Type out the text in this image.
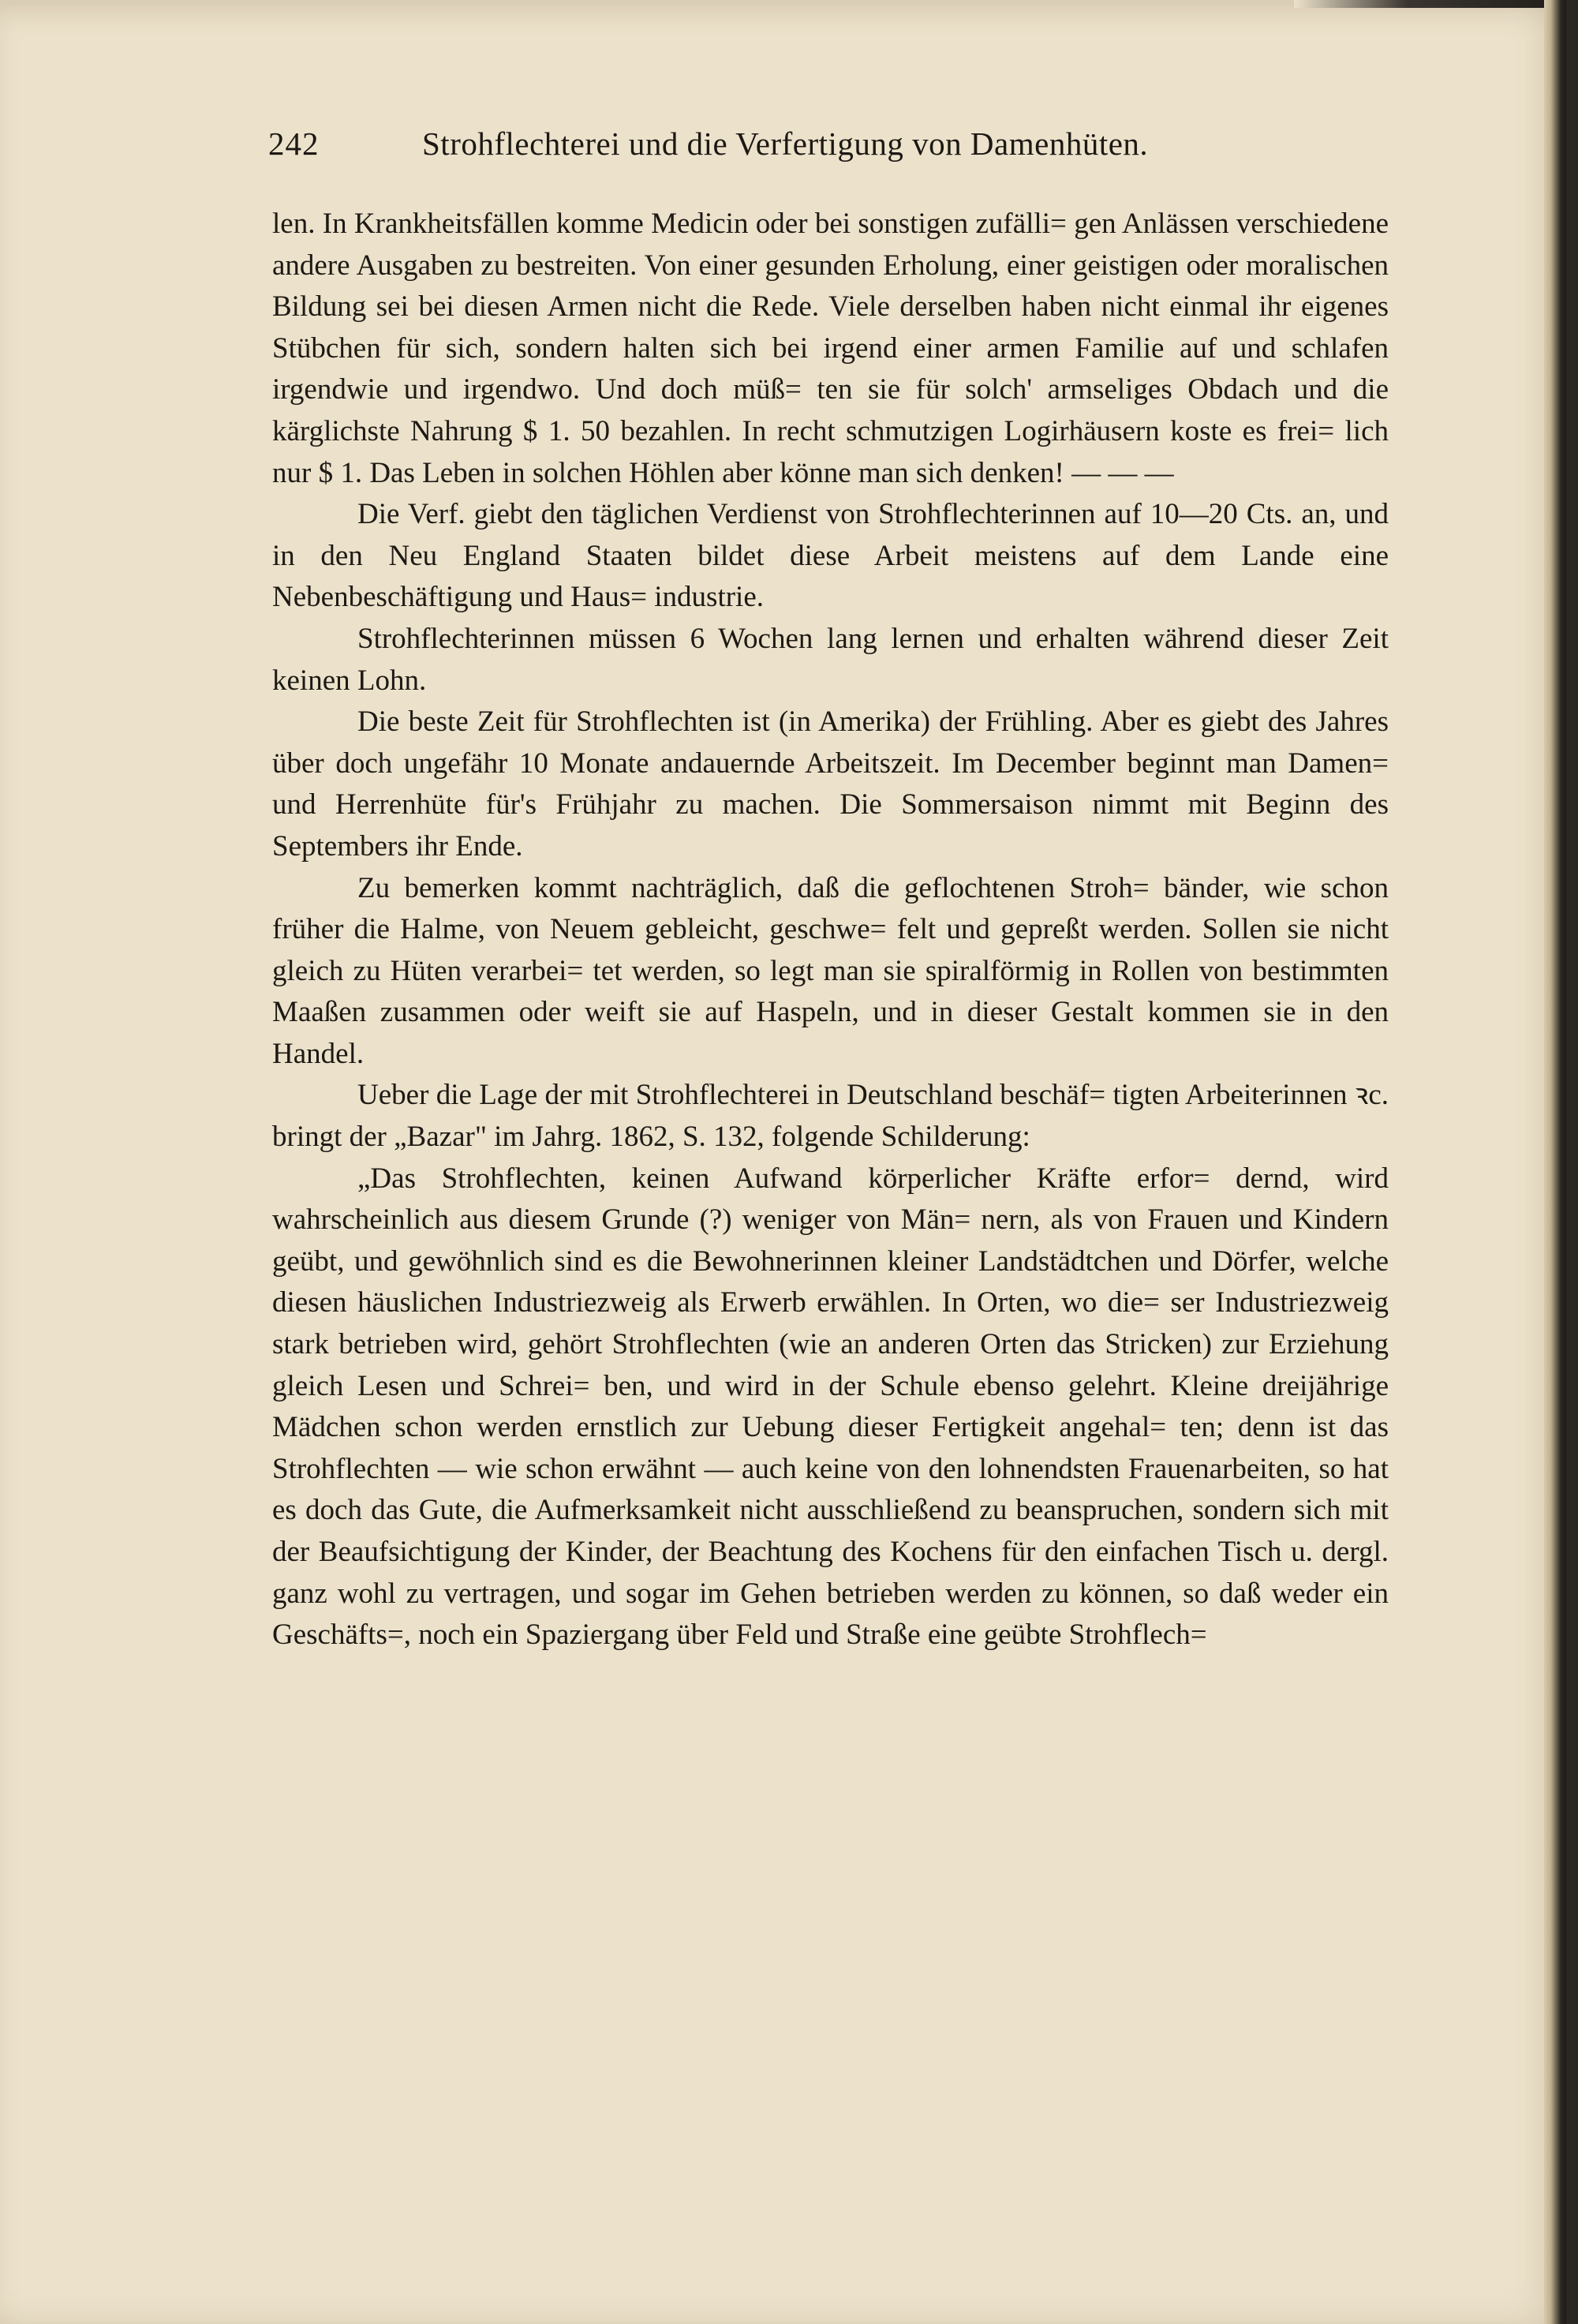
242	Strohflechterei und die Verfertigung von Damenhüten.

len. In Krankheitsfällen komme Medicin oder bei sonstigen zufälli= gen Anlässen verschiedene andere Ausgaben zu bestreiten. Von einer gesunden Erholung, einer geistigen oder moralischen Bildung sei bei diesen Armen nicht die Rede. Viele derselben haben nicht einmal ihr eigenes Stübchen für sich, sondern halten sich bei irgend einer armen Familie auf und schlafen irgendwie und irgendwo. Und doch müß= ten sie für solch' armseliges Obdach und die kärglichste Nahrung $ 1. 50 bezahlen. In recht schmutzigen Logirhäusern koste es frei= lich nur $ 1. Das Leben in solchen Höhlen aber könne man sich denken! — — —

Die Verf. giebt den täglichen Verdienst von Strohflechterinnen auf 10—20 Cts. an, und in den Neu England Staaten bildet diese Arbeit meistens auf dem Lande eine Nebenbeschäftigung und Haus= industrie.

Strohflechterinnen müssen 6 Wochen lang lernen und erhalten während dieser Zeit keinen Lohn.

Die beste Zeit für Strohflechten ist (in Amerika) der Frühling. Aber es giebt des Jahres über doch ungefähr 10 Monate andauernde Arbeitszeit. Im December beginnt man Damen= und Herrenhüte für's Frühjahr zu machen. Die Sommersaison nimmt mit Beginn des Septembers ihr Ende.

Zu bemerken kommt nachträglich, daß die geflochtenen Stroh= bänder, wie schon früher die Halme, von Neuem gebleicht, geschwe= felt und gepreßt werden. Sollen sie nicht gleich zu Hüten verarbei= tet werden, so legt man sie spiralförmig in Rollen von bestimmten Maaßen zusammen oder weift sie auf Haspeln, und in dieser Gestalt kommen sie in den Handel.

Ueber die Lage der mit Strohflechterei in Deutschland beschäf= tigten Arbeiterinnen ꝛc. bringt der „Bazar" im Jahrg. 1862, S. 132, folgende Schilderung:

„Das Strohflechten, keinen Aufwand körperlicher Kräfte erfor= dernd, wird wahrscheinlich aus diesem Grunde (?) weniger von Män= nern, als von Frauen und Kindern geübt, und gewöhnlich sind es die Bewohnerinnen kleiner Landstädtchen und Dörfer, welche diesen häuslichen Industriezweig als Erwerb erwählen. In Orten, wo die= ser Industriezweig stark betrieben wird, gehört Strohflechten (wie an anderen Orten das Stricken) zur Erziehung gleich Lesen und Schrei= ben, und wird in der Schule ebenso gelehrt. Kleine dreijährige Mädchen schon werden ernstlich zur Uebung dieser Fertigkeit angehal= ten; denn ist das Strohflechten — wie schon erwähnt — auch keine von den lohnendsten Frauenarbeiten, so hat es doch das Gute, die Aufmerksamkeit nicht ausschließend zu beanspruchen, sondern sich mit der Beaufsichtigung der Kinder, der Beachtung des Kochens für den einfachen Tisch u. dergl. ganz wohl zu vertragen, und sogar im Gehen betrieben werden zu können, so daß weder ein Geschäfts=, noch ein Spaziergang über Feld und Straße eine geübte Strohflech=
